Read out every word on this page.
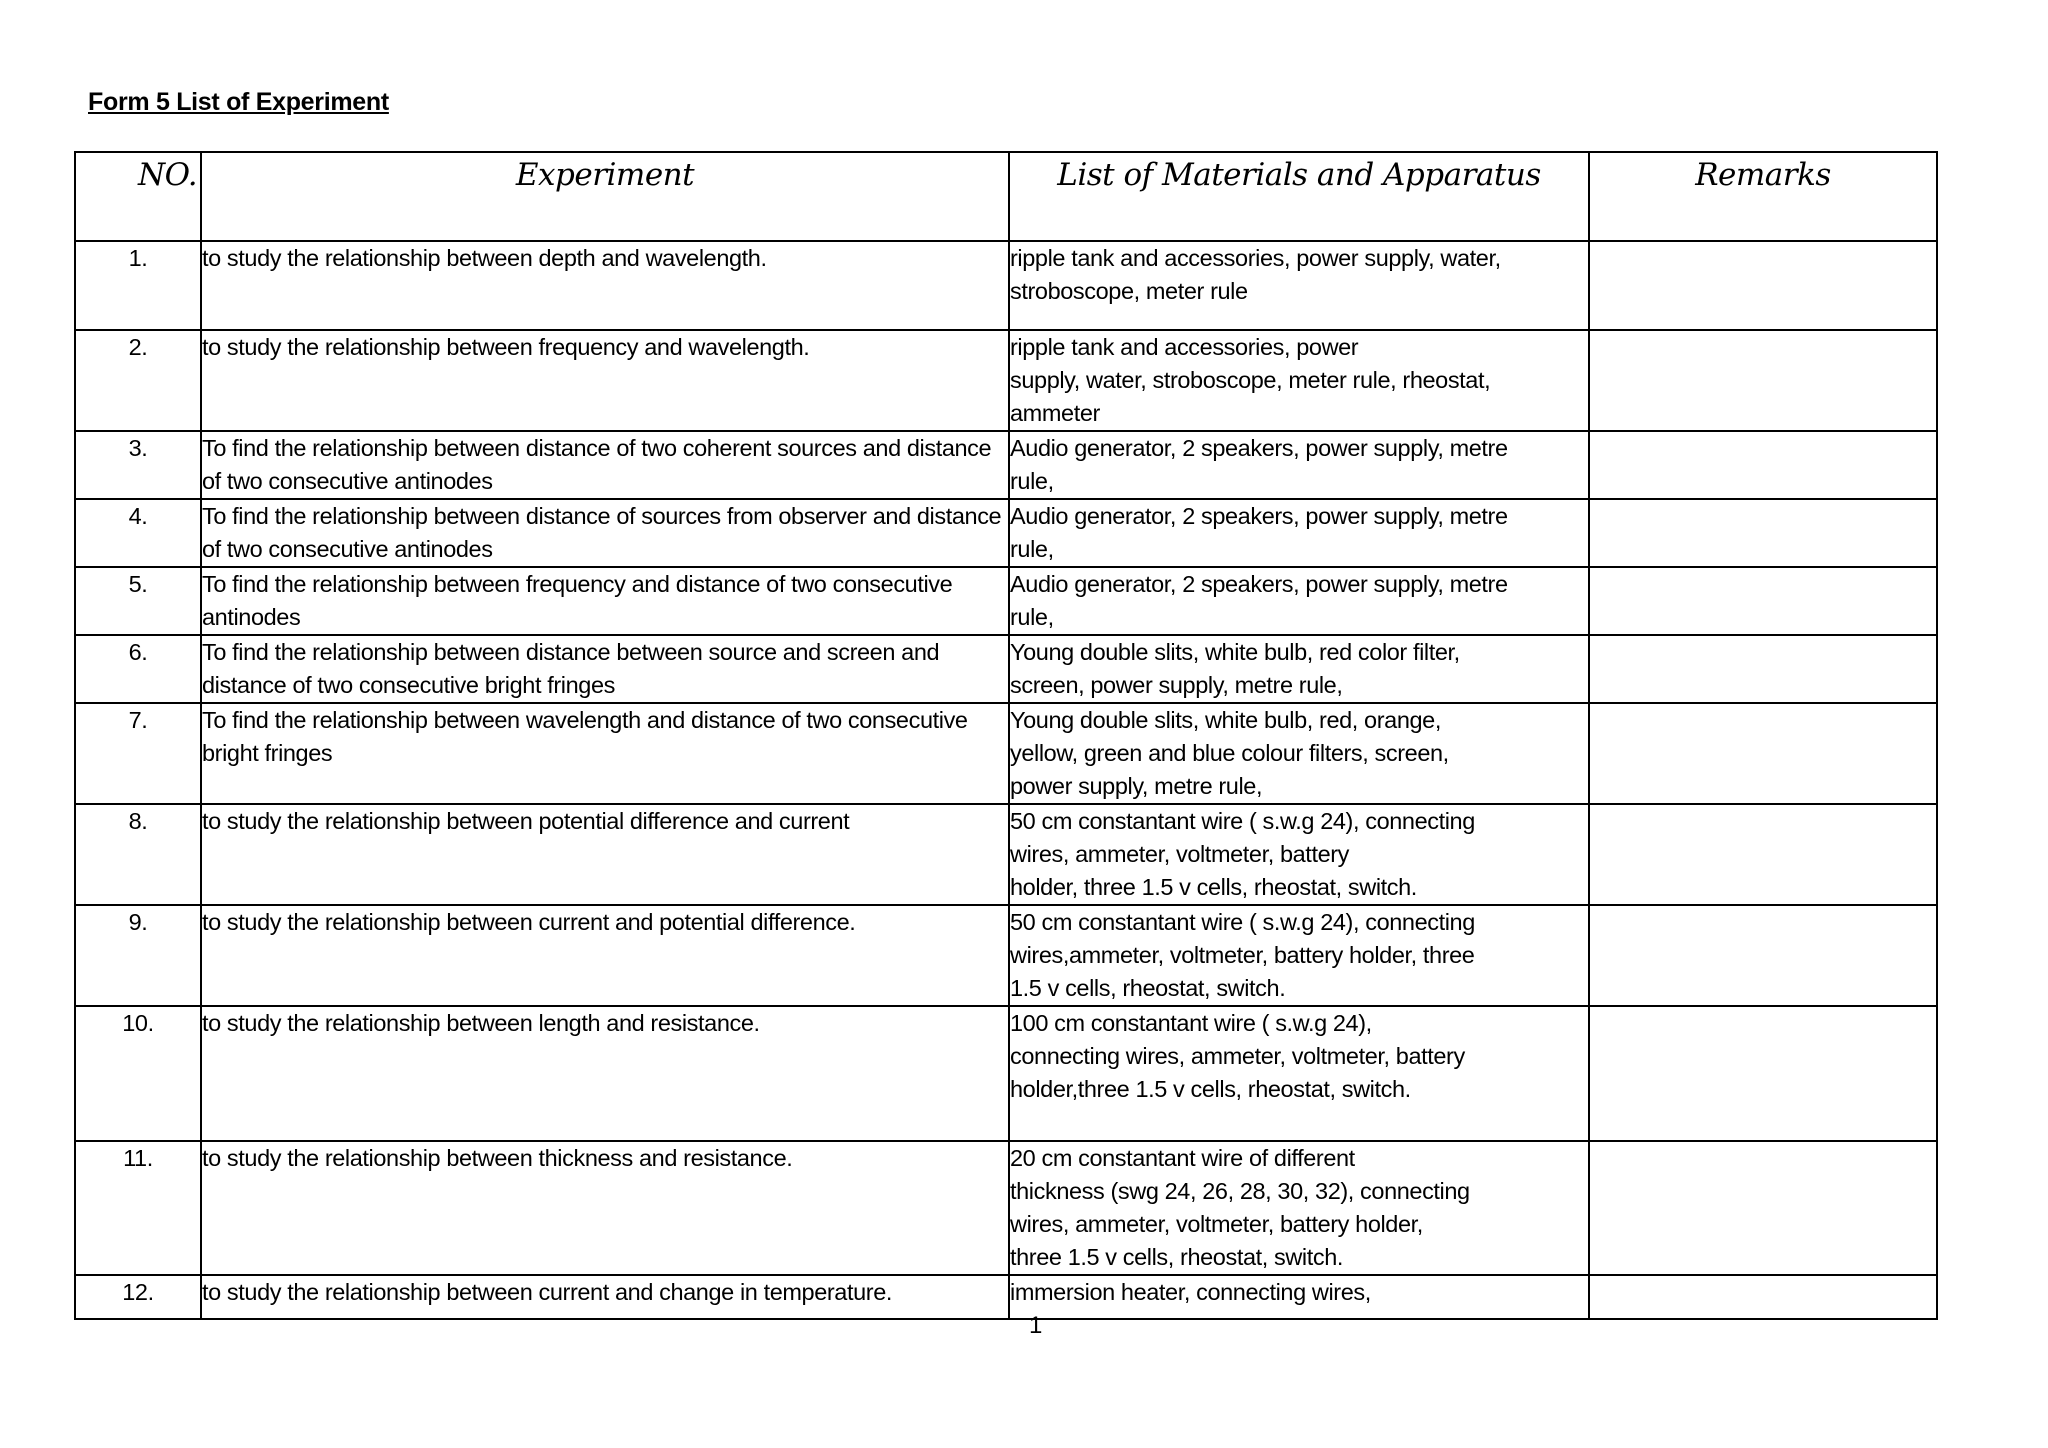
Form 5 List of Experiment
NO.	Experiment	List of Materials and Apparatus	Remarks
1.	to study the relationship between depth and wavelength.	ripple tank and accessories, power supply, water,
stroboscope, meter rule	

2.	to study the relationship between frequency and wavelength.	ripple tank and accessories, power
supply, water, stroboscope, meter rule, rheostat,
ammeter	

3.	To find the relationship between distance of two coherent sources and distance of two consecutive antinodes	Audio generator, 2 speakers, power supply, metre
rule,	

4.	To find the relationship between distance of sources from observer and distance of two consecutive antinodes	Audio generator, 2 speakers, power supply, metre
rule,	

5.	To find the relationship between frequency and distance of two consecutive antinodes	Audio generator, 2 speakers, power supply, metre
rule,	

6.	To find the relationship between distance between source and screen and distance of two consecutive bright fringes	Young double slits, white bulb, red color filter,
screen, power supply, metre rule,	

7.	To find the relationship between wavelength and distance of two consecutive bright fringes	Young double slits, white bulb, red, orange,
yellow, green and blue colour filters, screen,
power supply, metre rule,	

8.	to study the relationship between potential difference and current	50 cm constantant wire ( s.w.g 24), connecting
wires, ammeter, voltmeter, battery
holder, three 1.5 v cells, rheostat, switch.	

9.	to study the relationship between current and potential difference.	50 cm constantant wire ( s.w.g 24), connecting
wires,ammeter, voltmeter, battery holder, three
1.5 v cells, rheostat, switch.	

10.	to study the relationship between length and resistance.	100 cm constantant wire ( s.w.g 24),
connecting wires, ammeter, voltmeter, battery
holder,three 1.5 v cells, rheostat, switch.	

11.	to study the relationship between thickness and resistance.	20 cm constantant wire of different
thickness (swg 24, 26, 28, 30, 32), connecting
wires, ammeter, voltmeter, battery holder,
three 1.5 v cells, rheostat, switch.	

12.	to study the relationship between current and change in temperature.	immersion heater, connecting wires,	

1
